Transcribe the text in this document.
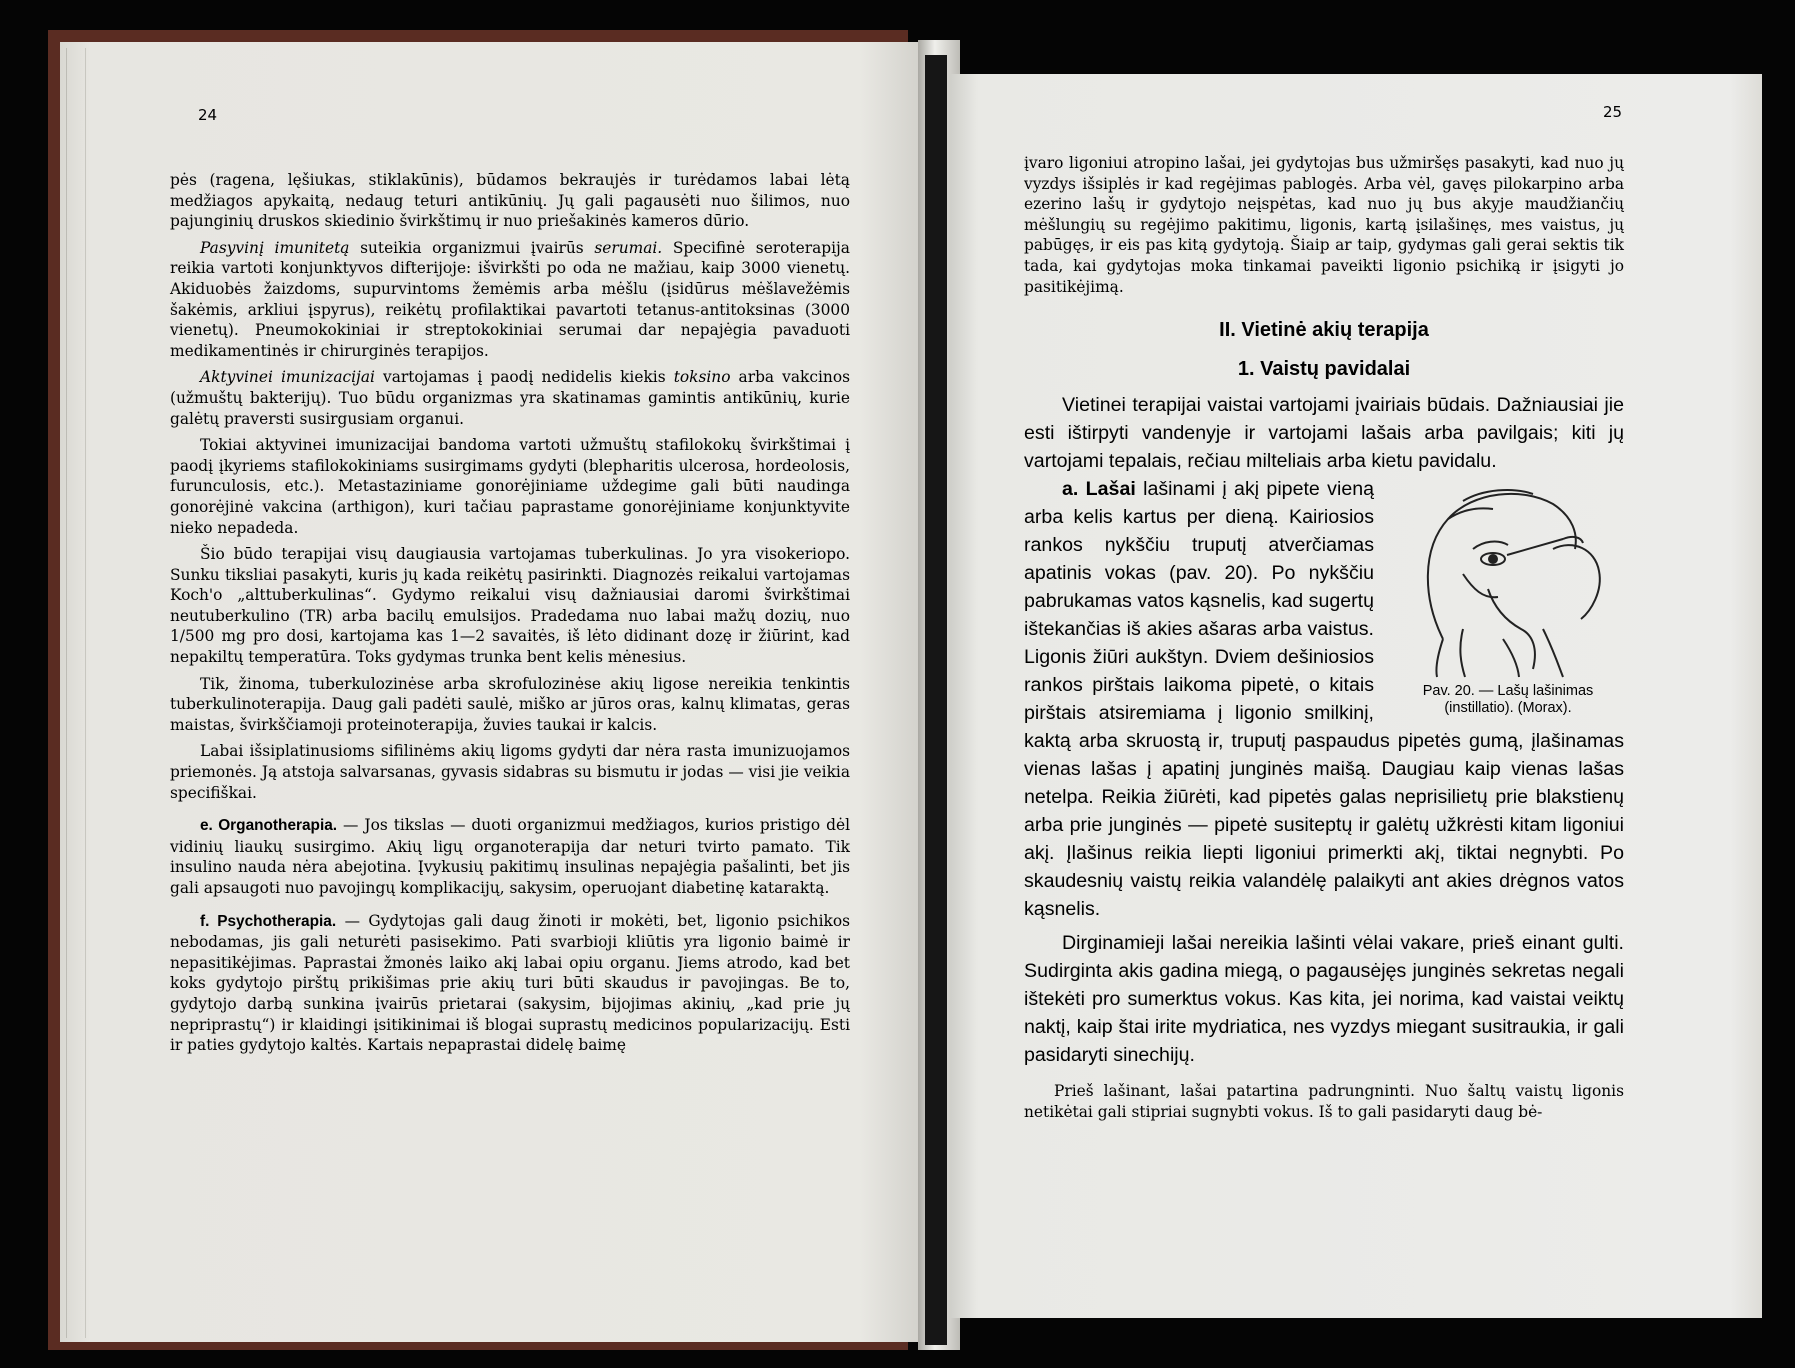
24	25

pės (ragena, lęšiukas, stiklakūnis), būdamos bekraujės ir turėdamos labai lėtą medžiagos apykaitą, nedaug teturi antikūnių. Jų gali pagausėti nuo šilimos, nuo pajunginių druskos skiedinio švirkštimų ir nuo priešakinės kameros dūrio.

Pasyvinį imunitetą suteikia organizmui įvairūs serumai. Specifinė seroterapija reikia vartoti konjunktyvos difterijoje: išvirkšti po oda ne mažiau, kaip 3000 vienetų. Akiduobės žaizdoms, supurvintoms žemėmis arba mėšlu (įsidūrus mėšlavežėmis šakėmis, arkliui įspyrus), reikėtų profilaktikai pavartoti tetanus-antitoksinas (3000 vienetų). Pneumokokiniai ir streptokokiniai serumai dar nepajėgia pavaduoti medikamentinės ir chirurginės terapijos.

Aktyvinei imunizacijai vartojamas į paodį nedidelis kiekis toksino arba vakcinos (užmuštų bakterijų). Tuo būdu organizmas yra skatinamas gamintis antikūnių, kurie galėtų praversti susirgusiam organui.

Tokiai aktyvinei imunizacijai bandoma vartoti užmuštų stafilokokų švirkštimai į paodį įkyriems stafilokokiniams susirgimams gydyti (blepharitis ulcerosa, hordeolosis, furunculosis, etc.). Metastaziniame gonorėjiniame uždegime gali būti naudinga gonorėjinė vakcina (arthigon), kuri tačiau paprastame gonorėjiniame konjunktyvite nieko nepadeda.

Šio būdo terapijai visų daugiausia vartojamas tuberkulinas. Jo yra visokeriopo. Sunku tiksliai pasakyti, kuris jų kada reikėtų pasirinkti. Diagnozės reikalui vartojamas Koch'o „alttuberkulinas“. Gydymo reikalui visų dažniausiai daromi švirkštimai neutuberkulino (TR) arba bacilų emulsijos. Pradedama nuo labai mažų dozių, nuo 1/500 mg pro dosi, kartojama kas 1—2 savaitės, iš lėto didinant dozę ir žiūrint, kad nepakiltų temperatūra. Toks gydymas trunka bent kelis mėnesius.

Tik, žinoma, tuberkulozinėse arba skrofulozinėse akių ligose nereikia tenkintis tuberkulinoterapija. Daug gali padėti saulė, miško ar jūros oras, kalnų klimatas, geras maistas, švirkščiamoji proteinoterapija, žuvies taukai ir kalcis.

Labai išsiplatinusioms sifilinėms akių ligoms gydyti dar nėra rasta imunizuojamos priemonės. Ją atstoja salvarsanas, gyvasis sidabras su bismutu ir jodas — visi jie veikia specifiškai.

e. Organotherapia. — Jos tikslas — duoti organizmui medžiagos, kurios pristigo dėl vidinių liaukų susirgimo. Akių ligų organoterapija dar neturi tvirto pamato. Tik insulino nauda nėra abejotina. Įvykusių pakitimų insulinas nepajėgia pašalinti, bet jis gali apsaugoti nuo pavojingų komplikacijų, sakysim, operuojant diabetinę kataraktą.

f. Psychotherapia. — Gydytojas gali daug žinoti ir mokėti, bet, ligonio psichikos nebodamas, jis gali neturėti pasisekimo. Pati svarbioji kliūtis yra ligonio baimė ir nepasitikėjimas. Paprastai žmonės laiko akį labai opiu organu. Jiems atrodo, kad bet koks gydytojo pirštų prikišimas prie akių turi būti skaudus ir pavojingas. Be to, gydytojo darbą sunkina įvairūs prietarai (sakysim, bijojimas akinių, „kad prie jų nepriprastų“) ir klaidingi įsitikinimai iš blogai suprastų medicinos popularizacijų. Esti ir paties gydytojo kaltės. Kartais nepaprastai didelę baimę

įvaro ligoniui atropino lašai, jei gydytojas bus užmiršęs pasakyti, kad nuo jų vyzdys išsiplės ir kad regėjimas pablogės. Arba vėl, gavęs pilokarpino arba ezerino lašų ir gydytojo neįspėtas, kad nuo jų bus akyje maudžiančių mėšlungių su regėjimo pakitimu, ligonis, kartą įsilašinęs, mes vaistus, jų pabūgęs, ir eis pas kitą gydytoją. Šiaip ar taip, gydymas gali gerai sektis tik tada, kai gydytojas moka tinkamai paveikti ligonio psichiką ir įsigyti jo pasitikėjimą.

II. Vietinė akių terapija
1. Vaistų pavidalai

Vietinei terapijai vaistai vartojami įvairiais būdais. Dažniausiai jie esti ištirpyti vandenyje ir vartojami lašais arba pavilgais; kiti jų vartojami tepalais, rečiau milteliais arba kietu pavidalu.

Pav. 20. — Lašų lašinimas (instillatio). (Morax).

a. Lašai lašinami į akį pipete vieną arba kelis kartus per dieną. Kairiosios rankos nykščiu truputį atverčiamas apatinis vokas (pav. 20). Po nykščiu pabrukamas vatos kąsnelis, kad sugertų ištekančias iš akies ašaras arba vaistus. Ligonis žiūri aukštyn. Dviem dešiniosios rankos pirštais laikoma pipetė, o kitais pirštais atsiremiama į ligonio smilkinį, kaktą arba skruostą ir, truputį paspaudus pipetės gumą, įlašinamas vienas lašas į apatinį junginės maišą. Daugiau kaip vienas lašas netelpa. Reikia žiūrėti, kad pipetės galas neprisilietų prie blakstienų arba prie junginės — pipetė susiteptų ir galėtų užkrėsti kitam ligoniui akį. Įlašinus reikia liepti ligoniui primerkti akį, tiktai negnybti. Po skaudesnių vaistų reikia valandėlę palaikyti ant akies drėgnos vatos kąsnelis.

Dirginamieji lašai nereikia lašinti vėlai vakare, prieš einant gulti. Sudirginta akis gadina miegą, o pagausėjęs junginės sekretas negali ištekėti pro sumerktus vokus. Kas kita, jei norima, kad vaistai veiktų naktį, kaip štai irite mydriatica, nes vyzdys miegant susitraukia, ir gali pasidaryti sinechijų.

Prieš lašinant, lašai patartina padrungninti. Nuo šaltų vaistų ligonis netikėtai gali stipriai sugnybti vokus. Iš to gali pasidaryti daug bė-
